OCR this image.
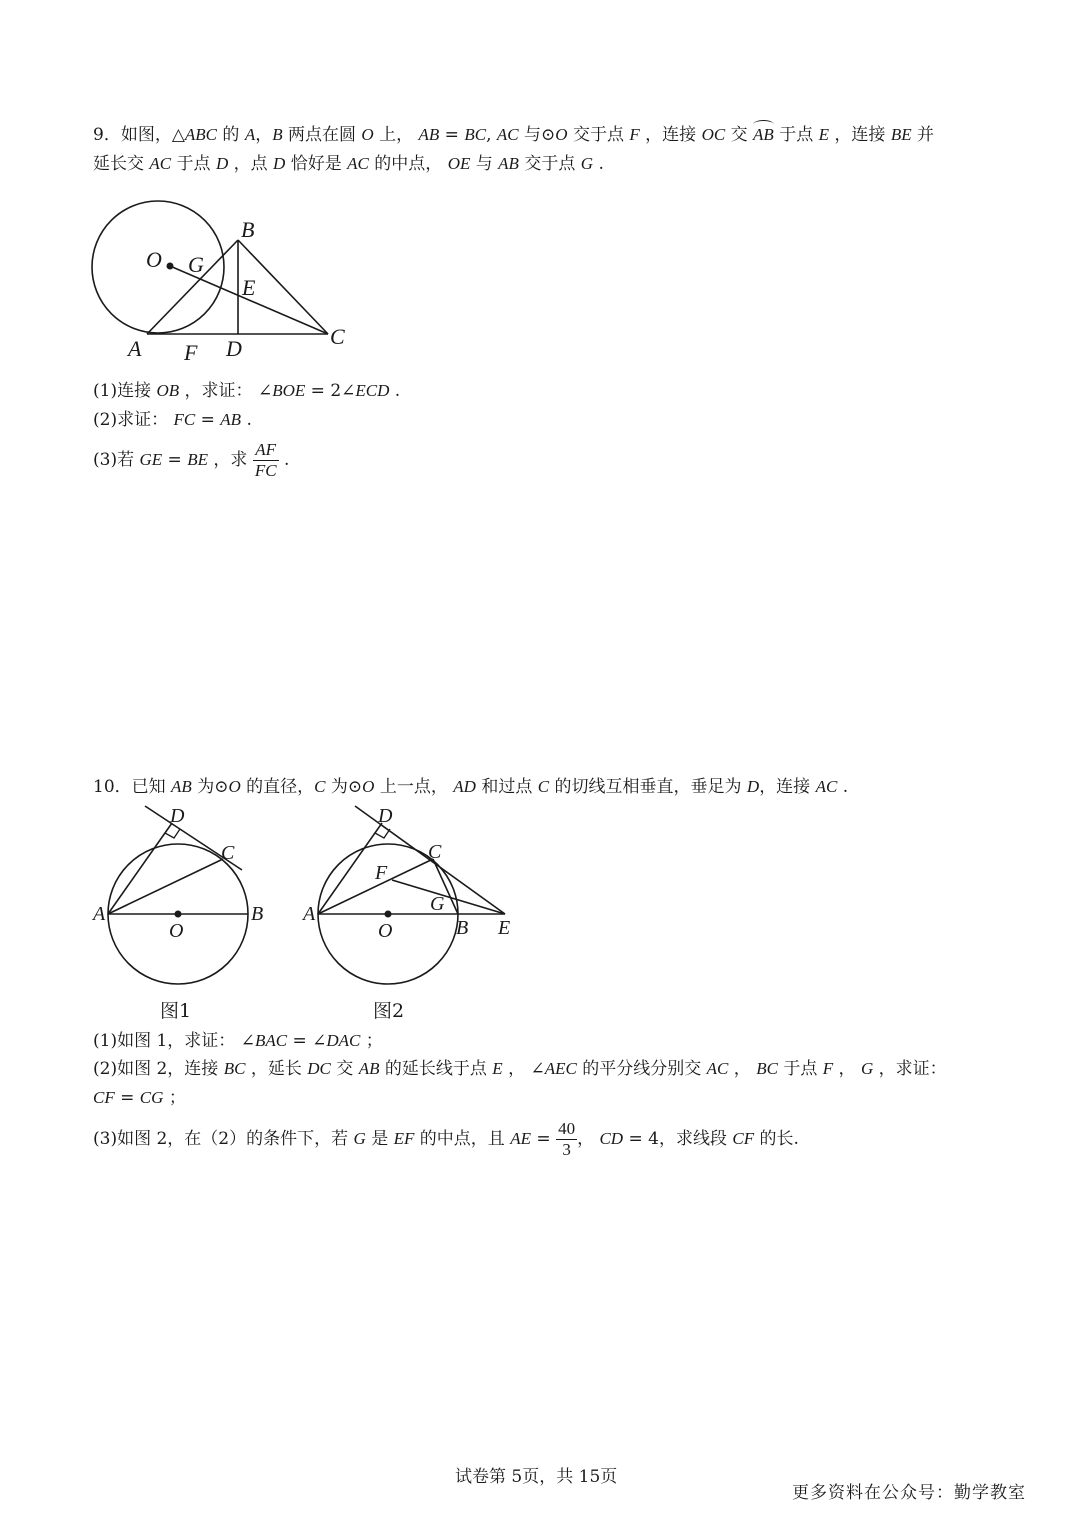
9．如图，△ABC 的 A，B 两点在圆 O 上， AB = BC, AC 与⊙O 交于点 F ，连接 OC 交 AB 于点 E ，连接 BE 并
延长交 AC 于点 D ，点 D 恰好是 AC 的中点， OE 与 AB 交于点 G .
B
O G
E
C
A F D
(1)连接 OB ，求证： ∠BOE = 2∠ECD .
(2)求证： FC = AB .
(3)若 GE = BE ，求 $\frac{AF}{FC}$ .
10．已知 AB 为⊙O 的直径，C 为⊙O 上一点， AD 和过点 C 的切线互相垂直，垂足为 D，连接 AC .
D
C
A
O
B
图1
D
C
F
G
A
O	B E
图2
(1)如图 1，求证： ∠BAC = ∠DAC ；
(2)如图 2，连接 BC ，延长 DC 交 AB 的延长线于点 E ， ∠AEC 的平分线分别交 AC ， BC 于点 F ， G ，求证：
CF = CG ；
(3)如图 2，在（2）的条件下，若 G 是 EF 的中点，且 AE = $\frac{40}{3}$ ， CD = 4，求线段 CF 的长.
试卷第 5页，共 15页
更多资料在公众号：勤学教室
